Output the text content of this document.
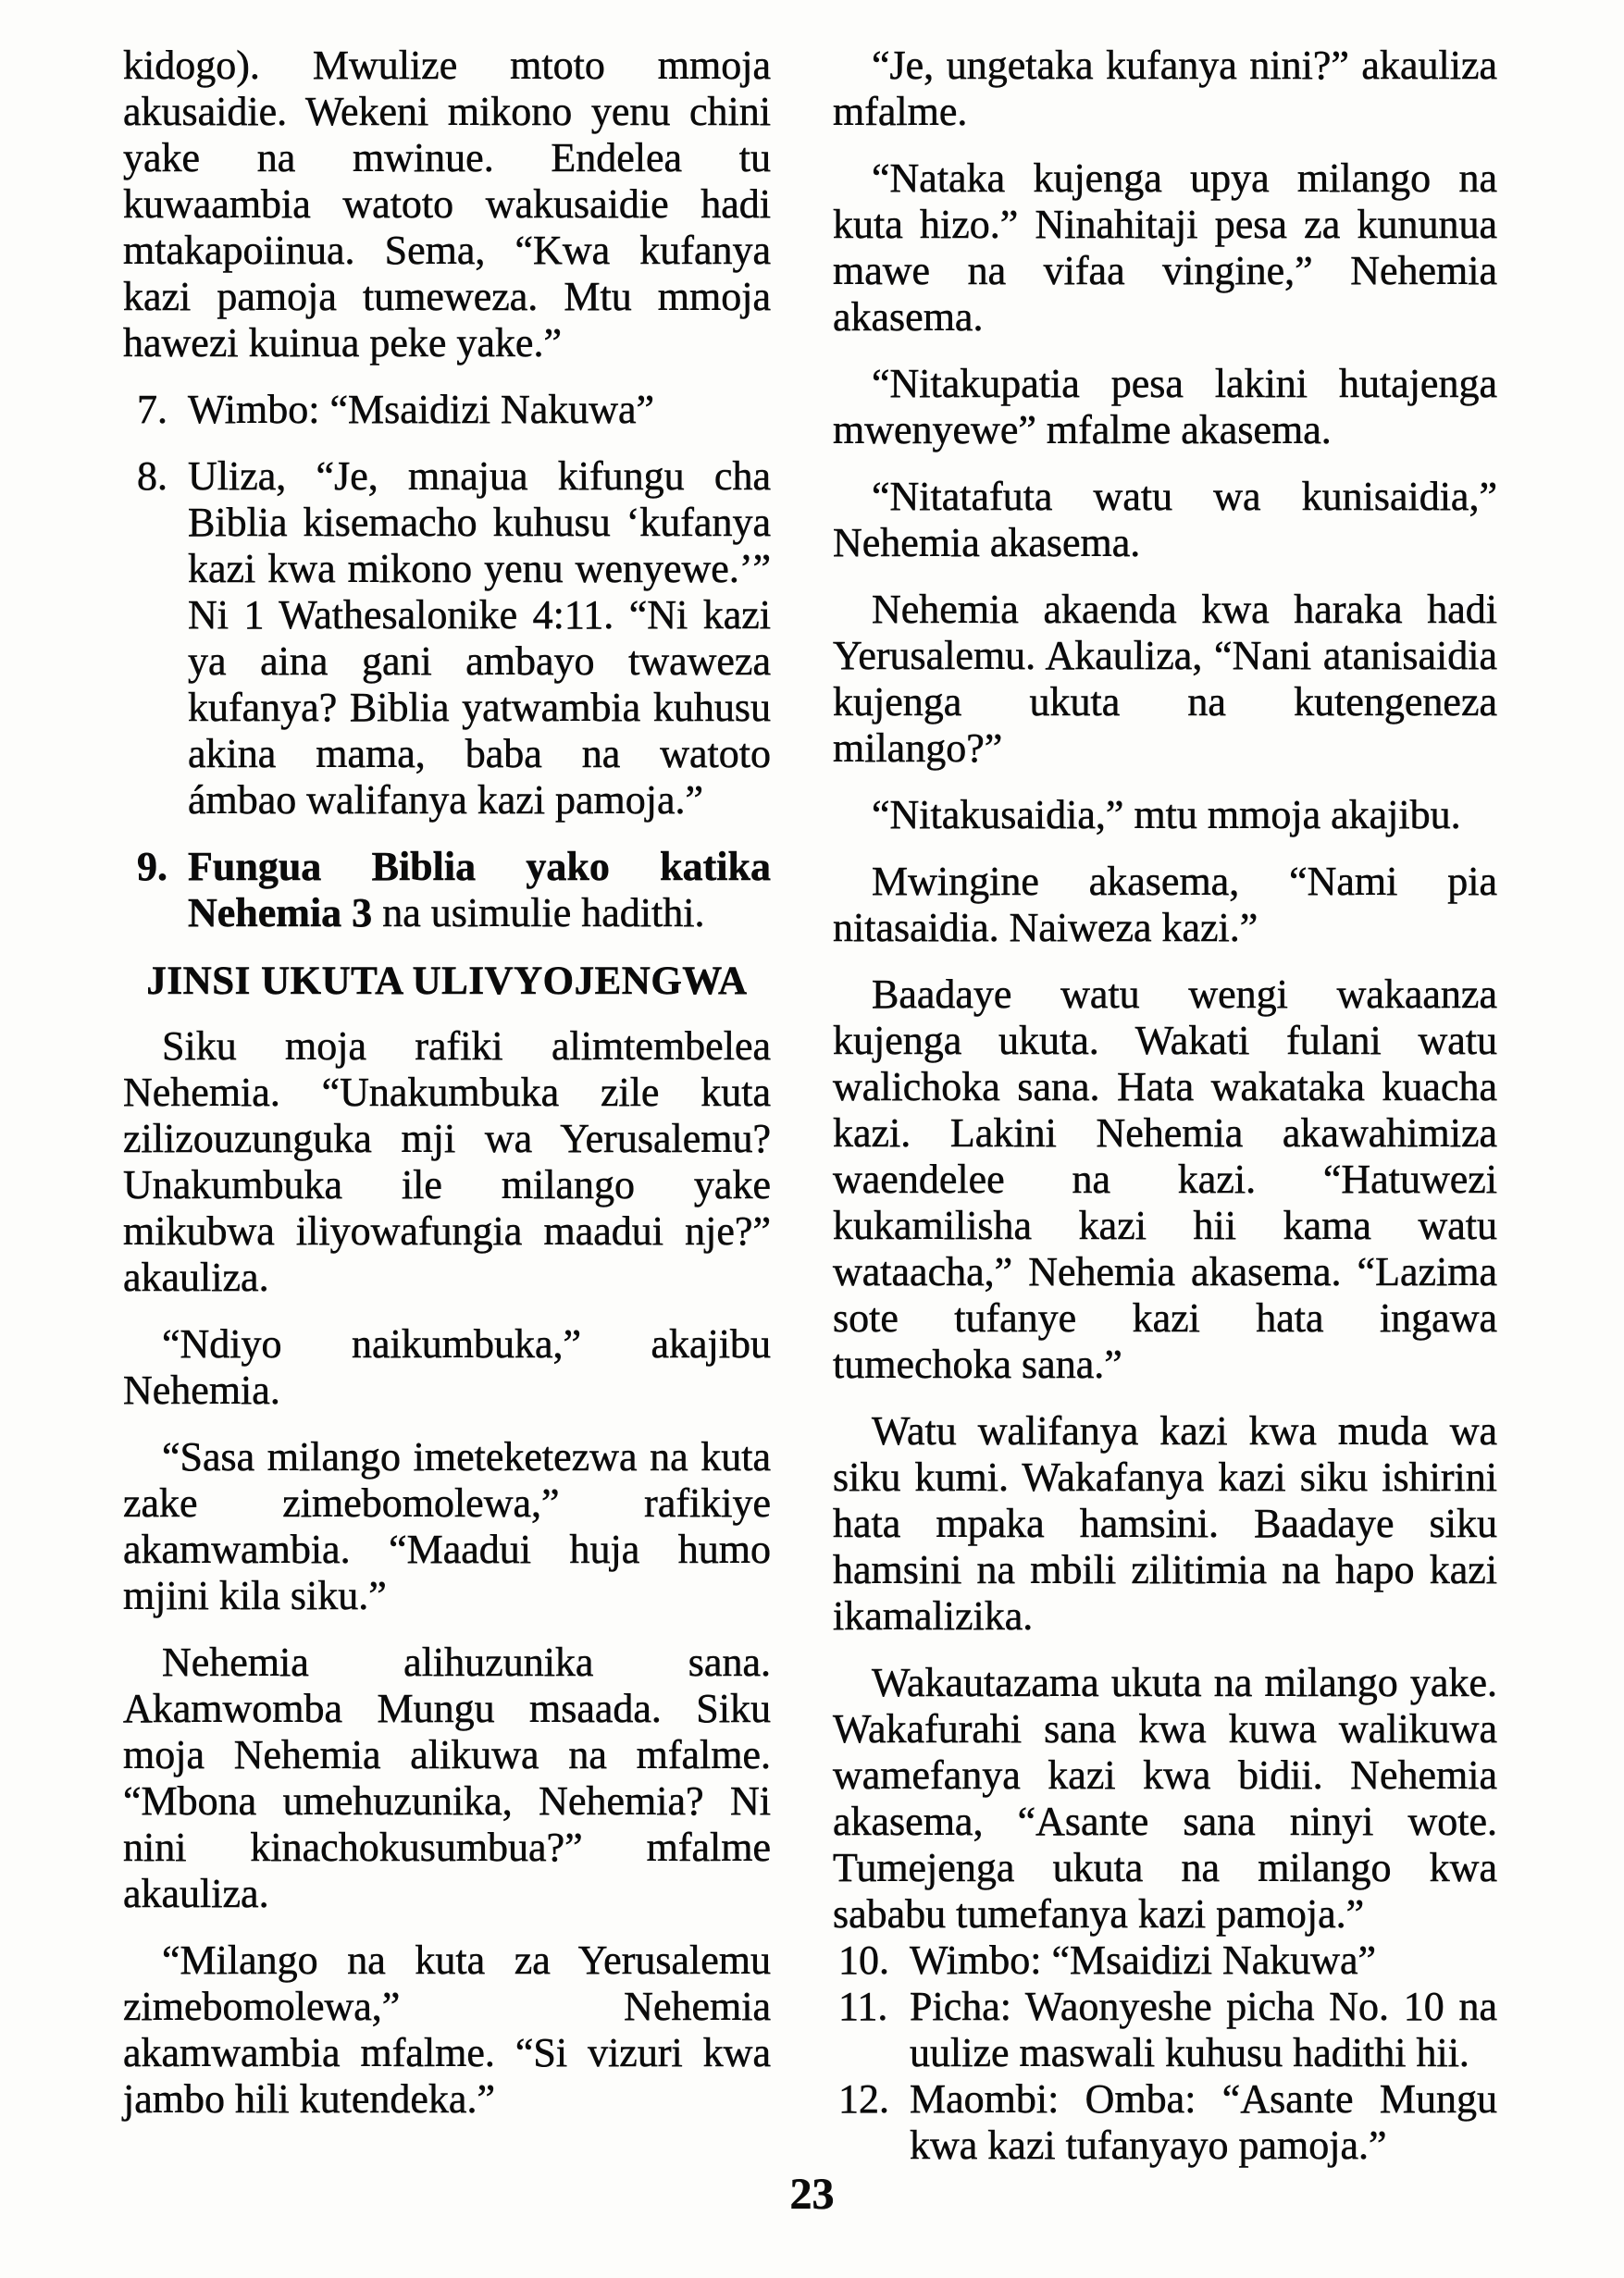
kidogo). Mwulize mtoto mmoja akusaidie. Wekeni mikono yenu chini yake na mwinue. Endelea tu kuwaambia watoto wakusaidie hadi mtakapoiinua. Sema, “Kwa kufanya kazi pamoja tumeweza. Mtu mmoja hawezi kuinua peke yake.”

7. Wimbo: “Msaidizi Nakuwa”

8. Uliza, “Je, mnajua kifungu cha Biblia kisemacho kuhusu ‘kufanya kazi kwa mikono yenu wenyewe.’” Ni 1 Wathesalonike 4:11. “Ni kazi ya aina gani ambayo twaweza kufanya? Biblia yatwambia kuhusu akina mama, baba na watoto ámbao walifanya kazi pamoja.”

9. Fungua Biblia yako katika Nehemia 3 na usimulie hadithi.

JINSI UKUTA ULIVYOJENGWA

Siku moja rafiki alimtembelea Nehemia. “Unakumbuka zile kuta zilizouzunguka mji wa Yerusalemu? Unakumbuka ile milango yake mikubwa iliyowafungia maadui nje?” akauliza.

“Ndiyo naikumbuka,” akajibu Nehemia.

“Sasa milango imeteketezwa na kuta zake zimebomolewa,” rafikiye akamwambia. “Maadui huja humo mjini kila siku.”

Nehemia alihuzunika sana. Akamwomba Mungu msaada. Siku moja Nehemia alikuwa na mfalme. “Mbona umehuzunika, Nehemia? Ni nini kinachokusumbua?” mfalme akauliza.

“Milango na kuta za Yerusalemu zimebomolewa,” Nehemia akamwambia mfalme. “Si vizuri kwa jambo hili kutendeka.”

“Je, ungetaka kufanya nini?” akauliza mfalme.

“Nataka kujenga upya milango na kuta hizo.” Ninahitaji pesa za kununua mawe na vifaa vingine,” Nehemia akasema.

“Nitakupatia pesa lakini hutajenga mwenyewe” mfalme akasema.

“Nitatafuta watu wa kunisaidia,” Nehemia akasema.

Nehemia akaenda kwa haraka hadi Yerusalemu. Akauliza, “Nani atanisaidia kujenga ukuta na kutengeneza milango?”

“Nitakusaidia,” mtu mmoja akajibu.

Mwingine akasema, “Nami pia nitasaidia. Naiweza kazi.”

Baadaye watu wengi wakaanza kujenga ukuta. Wakati fulani watu walichoka sana. Hata wakataka kuacha kazi. Lakini Nehemia akawahimiza waendelee na kazi. “Hatuwezi kukamilisha kazi hii kama watu wataacha,” Nehemia akasema. “Lazima sote tufanye kazi hata ingawa tumechoka sana.”

Watu walifanya kazi kwa muda wa siku kumi. Wakafanya kazi siku ishirini hata mpaka hamsini. Baadaye siku hamsini na mbili zilitimia na hapo kazi ikamalizika.

Wakautazama ukuta na milango yake. Wakafurahi sana kwa kuwa walikuwa wamefanya kazi kwa bidii. Nehemia akasema, “Asante sana ninyi wote. Tumejenga ukuta na milango kwa sababu tumefanya kazi pamoja.”

10. Wimbo: “Msaidizi Nakuwa”

11. Picha: Waonyeshe picha No. 10 na uulize maswali kuhusu hadithi hii.

12. Maombi: Omba: “Asante Mungu kwa kazi tufanyayo pamoja.”

23
